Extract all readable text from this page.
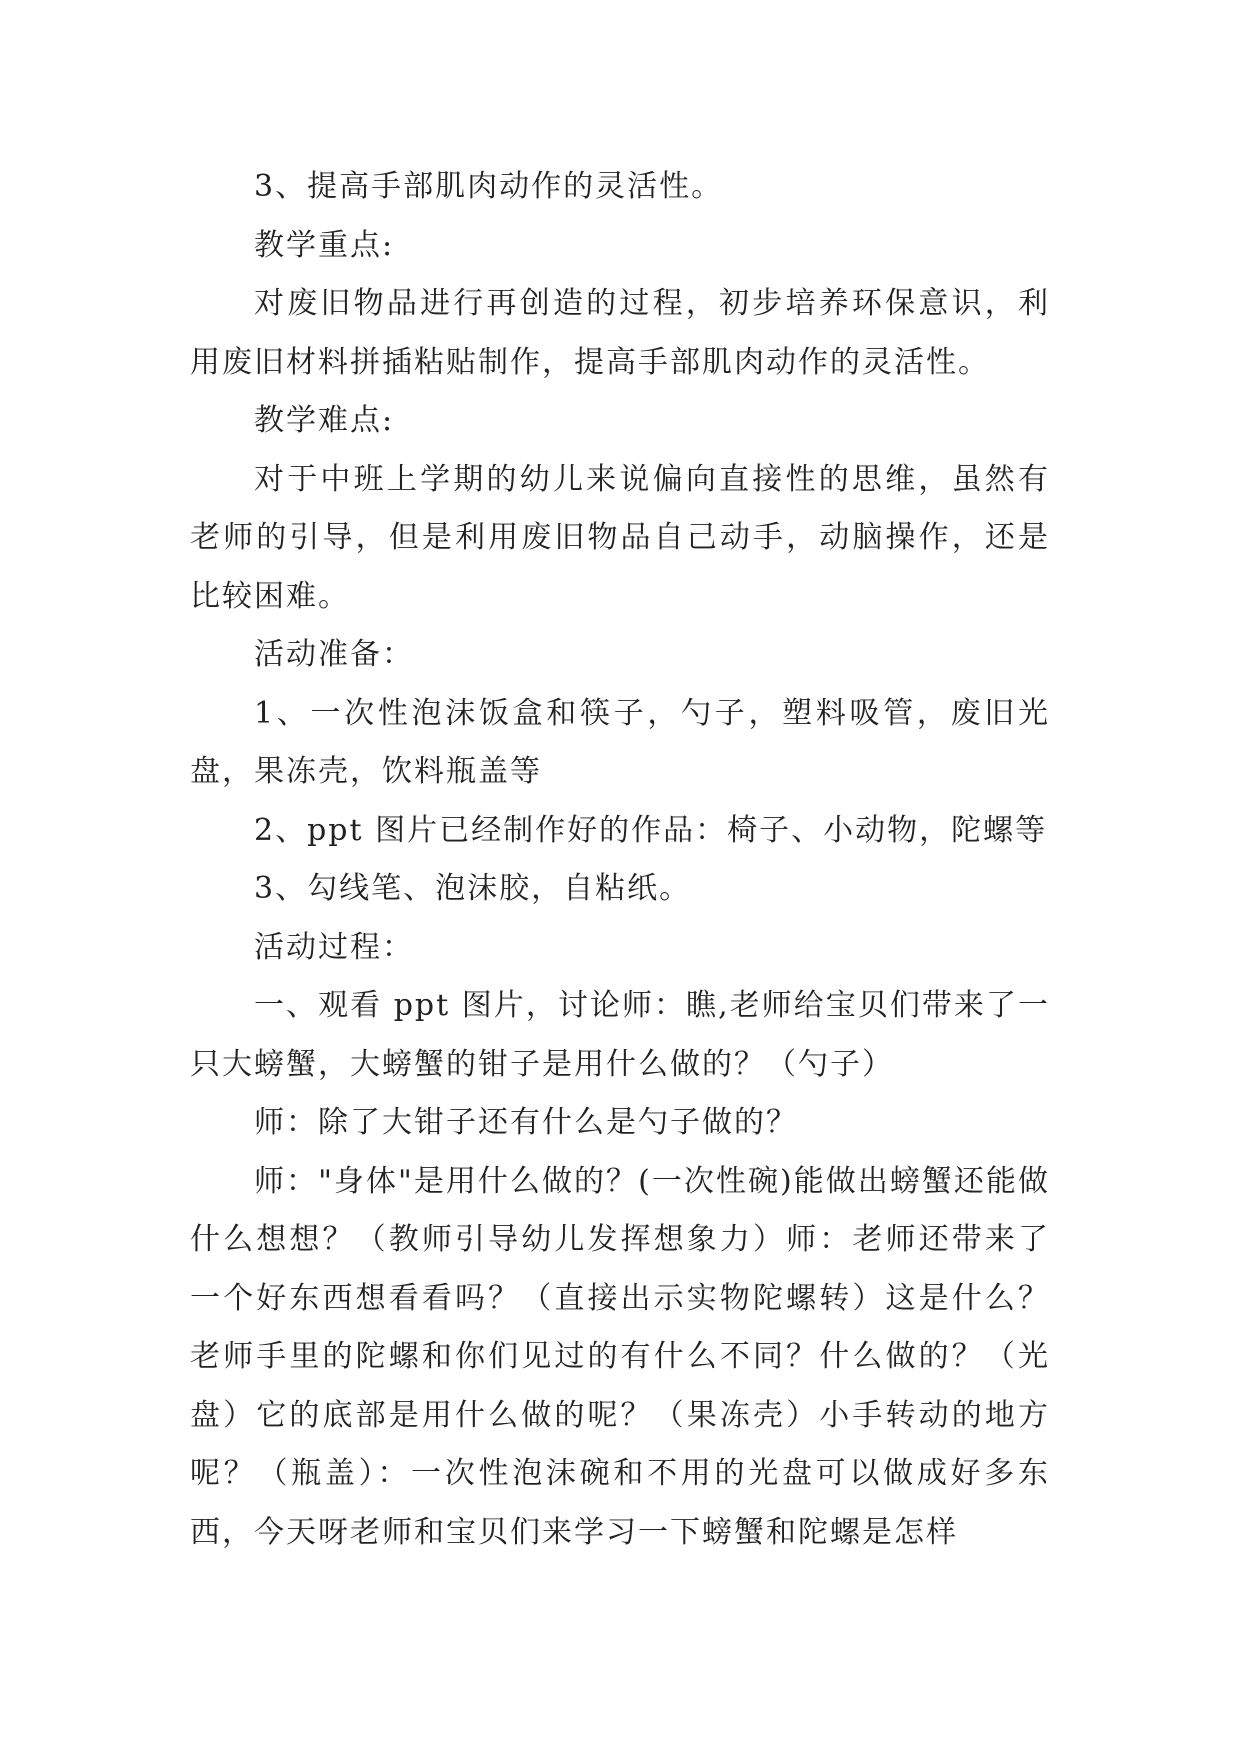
3、提高手部肌肉动作的灵活性。

教学重点:

对废旧物品进行再创造的过程，初步培养环保意识，利用废旧材料拼插粘贴制作，提高手部肌肉动作的灵活性。

教学难点:

对于中班上学期的幼儿来说偏向直接性的思维，虽然有老师的引导，但是利用废旧物品自己动手，动脑操作，还是比较困难。

活动准备：

1、一次性泡沫饭盒和筷子，勺子，塑料吸管，废旧光盘，果冻壳，饮料瓶盖等

2、ppt 图片已经制作好的作品：椅子、小动物，陀螺等

3、勾线笔、泡沫胶，自粘纸。

活动过程：

一、观看 ppt 图片，讨论师：瞧,老师给宝贝们带来了一只大螃蟹，大螃蟹的钳子是用什么做的？（勺子）

师：除了大钳子还有什么是勺子做的？

师："身体"是用什么做的？(一次性碗)能做出螃蟹还能做什么想想？（教师引导幼儿发挥想象力）师：老师还带来了一个好东西想看看吗？（直接出示实物陀螺转）这是什么？老师手里的陀螺和你们见过的有什么不同？什么做的？（光盘）它的底部是用什么做的呢？（果冻壳）小手转动的地方呢？（瓶盖）：一次性泡沫碗和不用的光盘可以做成好多东西，今天呀老师和宝贝们来学习一下螃蟹和陀螺是怎样
